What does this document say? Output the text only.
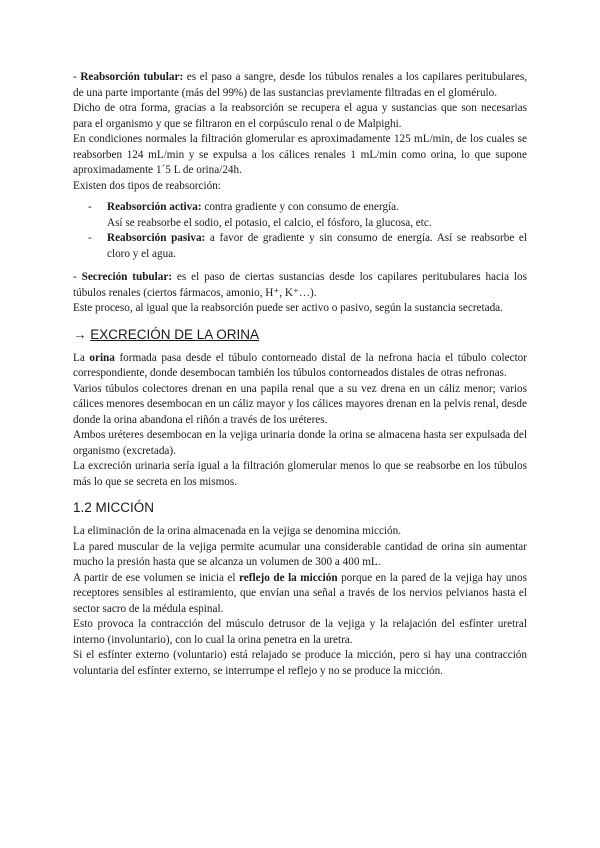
- Reabsorción tubular: es el paso a sangre, desde los túbulos renales a los capilares peritubulares, de una parte importante (más del 99%) de las sustancias previamente filtradas en el glomérulo.

Dicho de otra forma, gracias a la reabsorción se recupera el agua y sustancias que son necesarias para el organismo y que se filtraron en el corpúsculo renal o de Malpighi.

En condiciones normales la filtración glomerular es aproximadamente 125 mL/min, de los cuales se reabsorben 124 mL/min y se expulsa a los cálices renales 1 mL/min como orina, lo que supone aproximadamente 1´5 L de orina/24h.

Existen dos tipos de reabsorción:

- Reabsorción activa: contra gradiente y con consumo de energía.
Así se reabsorbe el sodio, el potasio, el calcio, el fósforo, la glucosa, etc.
- Reabsorción pasiva: a favor de gradiente y sin consumo de energía. Así se reabsorbe el cloro y el agua.

- Secreción tubular: es el paso de ciertas sustancias desde los capilares peritubulares hacia los túbulos renales (ciertos fármacos, amonio, H⁺, K⁺…).

Este proceso, al igual que la reabsorción puede ser activo o pasivo, según la sustancia secretada.

→ EXCRECIÓN DE LA ORINA

La orina formada pasa desde el túbulo contorneado distal de la nefrona hacia el túbulo colector correspondiente, donde desembocan también los túbulos contorneados distales de otras nefronas.

Varios túbulos colectores drenan en una papila renal que a su vez drena en un cáliz menor; varios cálices menores desembocan en un cáliz mayor y los cálices mayores drenan en la pelvis renal, desde donde la orina abandona el riñón a través de los uréteres.

Ambos uréteres desembocan en la vejiga urinaria donde la orina se almacena hasta ser expulsada del organismo (excretada).

La excreción urinaria sería igual a la filtración glomerular menos lo que se reabsorbe en los túbulos más lo que se secreta en los mismos.

1.2 MICCIÓN

La eliminación de la orina almacenada en la vejiga se denomina micción.

La pared muscular de la vejiga permite acumular una considerable cantidad de orina sin aumentar mucho la presión hasta que se alcanza un volumen de 300 a 400 mL.

A partir de ese volumen se inicia el reflejo de la micción porque en la pared de la vejiga hay unos receptores sensibles al estiramiento, que envían una señal a través de los nervios pelvianos hasta el sector sacro de la médula espinal.

Esto provoca la contracción del músculo detrusor de la vejiga y la relajación del esfínter uretral interno (involuntario), con lo cual la orina penetra en la uretra.

Si el esfínter externo (voluntario) está relajado se produce la micción, pero si hay una contracción voluntaria del esfínter externo, se interrumpe el reflejo y no se produce la micción.
